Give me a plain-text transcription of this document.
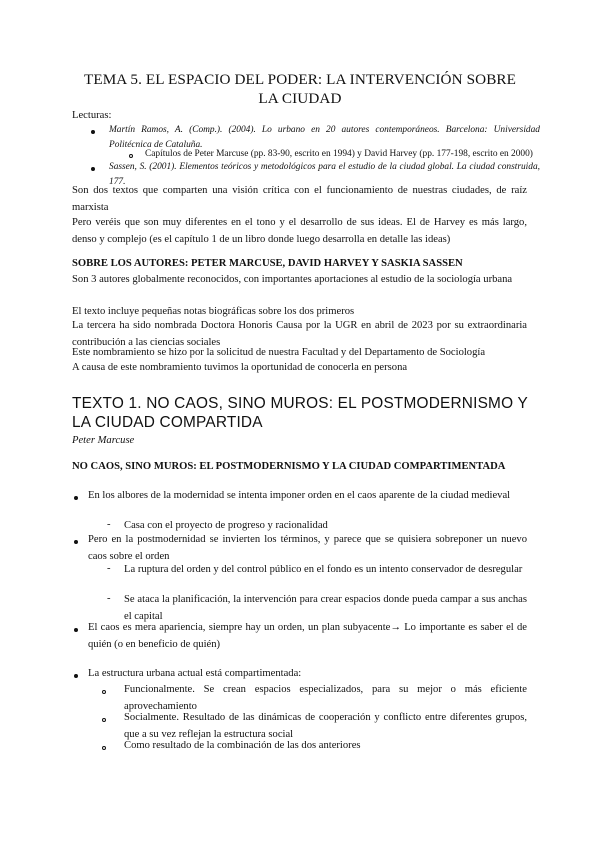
TEMA 5. EL ESPACIO DEL PODER: LA INTERVENCIÓN SOBRE LA CIUDAD

Lecturas:

Martín Ramos, A. (Comp.). (2004). Lo urbano en 20 autores contemporáneos. Barcelona: Universidad Politécnica de Cataluña.

Capítulos de Peter Marcuse (pp. 83-90, escrito en 1994) y David Harvey (pp. 177-198, escrito en 2000)

Sassen, S. (2001). Elementos teóricos y metodológicos para el estudio de la ciudad global. La ciudad construida, 177.

Son dos textos que comparten una visión crítica con el funcionamiento de nuestras ciudades, de raíz marxista

Pero veréis que son muy diferentes en el tono y el desarrollo de sus ideas. El de Harvey es más largo, denso y complejo (es el capítulo 1 de un libro donde luego desarrolla en detalle las ideas)

SOBRE LOS AUTORES: PETER MARCUSE, DAVID HARVEY Y SASKIA SASSEN

Son 3 autores globalmente reconocidos, con importantes aportaciones al estudio de la sociología urbana

El texto incluye pequeñas notas biográficas sobre los dos primeros

La tercera ha sido nombrada Doctora Honoris Causa por la UGR en abril de 2023 por su extraordinaria contribución a las ciencias sociales

Este nombramiento se hizo por la solicitud de nuestra Facultad y del Departamento de Sociología

A causa de este nombramiento tuvimos la oportunidad de conocerla en persona

TEXTO 1. NO CAOS, SINO MUROS: EL POSTMODERNISMO Y LA CIUDAD COMPARTIDA

Peter Marcuse

NO CAOS, SINO MUROS: EL POSTMODERNISMO Y LA CIUDAD COMPARTIMENTADA

En los albores de la modernidad se intenta imponer orden en el caos aparente de la ciudad medieval

- Casa con el proyecto de progreso y racionalidad

Pero en la postmodernidad se invierten los términos, y parece que se quisiera sobreponer un nuevo caos sobre el orden

- La ruptura del orden y del control público en el fondo es un intento conservador de desregular

- Se ataca la planificación, la intervención para crear espacios donde pueda campar a sus anchas el capital

El caos es mera apariencia, siempre hay un orden, un plan subyacente→ Lo importante es saber el de quién (o en beneficio de quién)

La estructura urbana actual está compartimentada:

Funcionalmente. Se crean espacios especializados, para su mejor o más eficiente aprovechamiento

Socialmente. Resultado de las dinámicas de cooperación y conflicto entre diferentes grupos, que a su vez reflejan la estructura social

Como resultado de la combinación de las dos anteriores
